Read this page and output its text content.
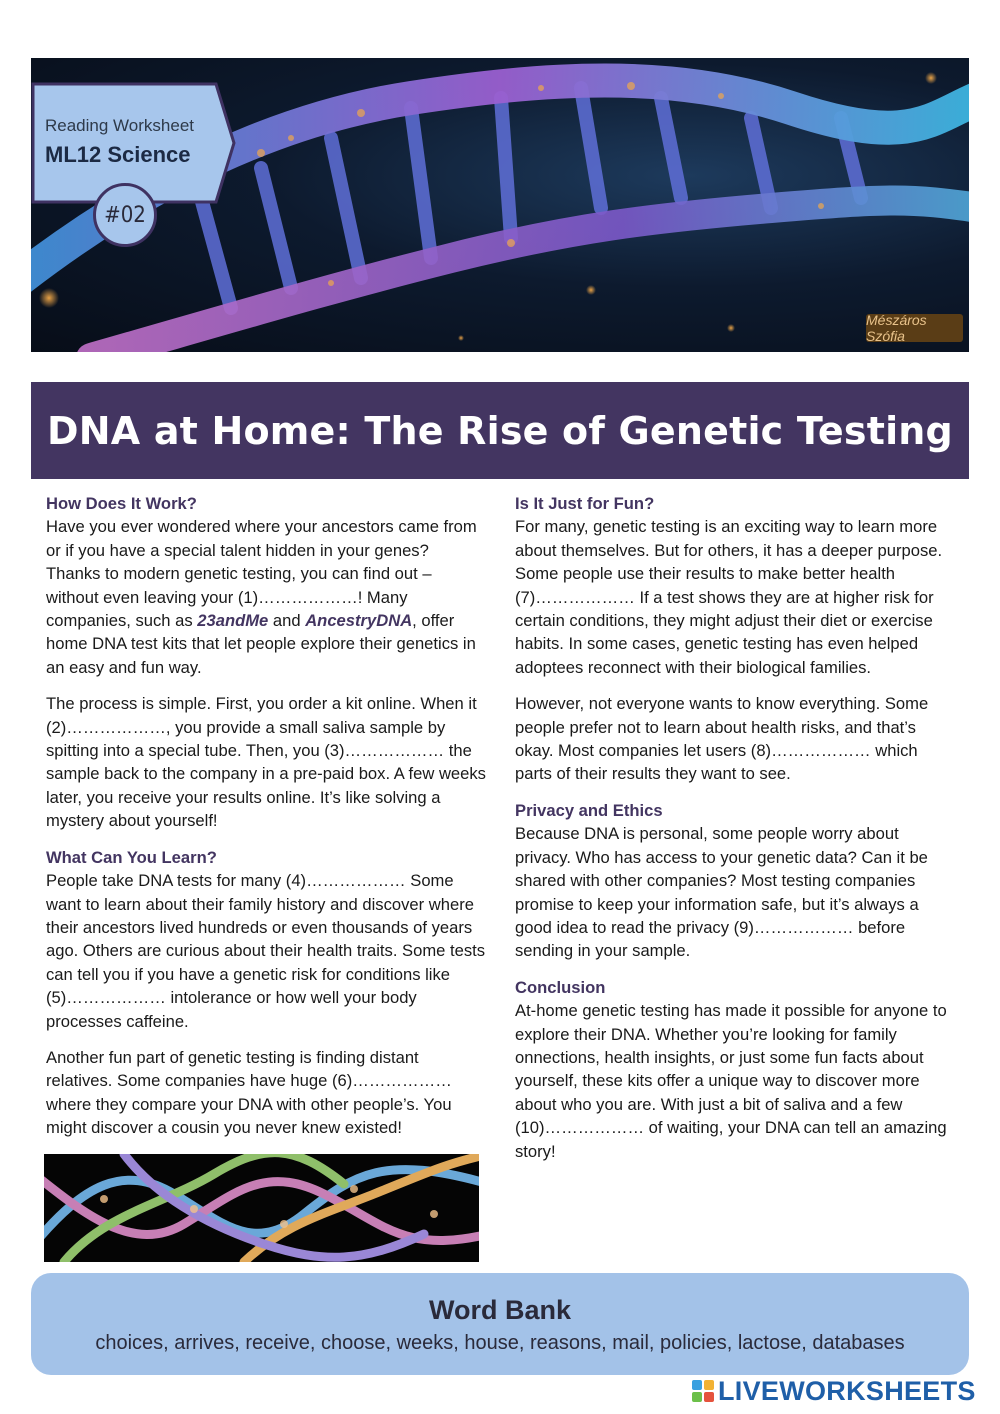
Reading Worksheet
ML12 Science
#02
Mészáros Szófia
DNA at Home: The Rise of Genetic Testing
How Does It Work?

Have you ever wondered where your ancestors came from or if you have a special talent hidden in your genes? Thanks to modern genetic testing, you can find out – without even leaving your (1)………………! Many companies, such as 23andMe and AncestryDNA, offer home DNA test kits that let people explore their genetics in an easy and fun way.

The process is simple. First, you order a kit online. When it (2)………………, you provide a small saliva sample by spitting into a special tube. Then, you (3)……………… the sample back to the company in a pre-paid box. A few weeks later, you receive your results online. It’s like solving a mystery about yourself!

What Can You Learn?

People take DNA tests for many (4)……………… Some want to learn about their family history and discover where their ancestors lived hundreds or even thousands of years ago. Others are curious about their health traits. Some tests can tell you if you have a genetic risk for conditions like (5)……………… intolerance or how well your body processes caffeine.

Another fun part of genetic testing is finding distant relatives. Some companies have huge (6)……………… where they compare your DNA with other people’s. You might discover a cousin you never knew existed!

Is It Just for Fun?

For many, genetic testing is an exciting way to learn more about themselves. But for others, it has a deeper purpose. Some people use their results to make better health (7)……………… If a test shows they are at higher risk for certain conditions, they might adjust their diet or exercise habits. In some cases, genetic testing has even helped adoptees reconnect with their biological families.

However, not everyone wants to know everything. Some people prefer not to learn about health risks, and that’s okay. Most companies let users (8)……………… which parts of their results they want to see.

Privacy and Ethics

Because DNA is personal, some people worry about privacy. Who has access to your genetic data? Can it be shared with other companies? Most testing companies promise to keep your information safe, but it’s always a good idea to read the privacy (9)……………… before sending in your sample.

Conclusion

At-home genetic testing has made it possible for anyone to explore their DNA. Whether you’re looking for family onnections, health insights, or just some fun facts about yourself, these kits offer a unique way to discover more about who you are. With just a bit of saliva and a few (10)……………… of waiting, your DNA can tell an amazing story!

Word Bank
choices, arrives, receive, choose, weeks, house, reasons, mail, policies, lactose, databases
LIVEWORKSHEETS
